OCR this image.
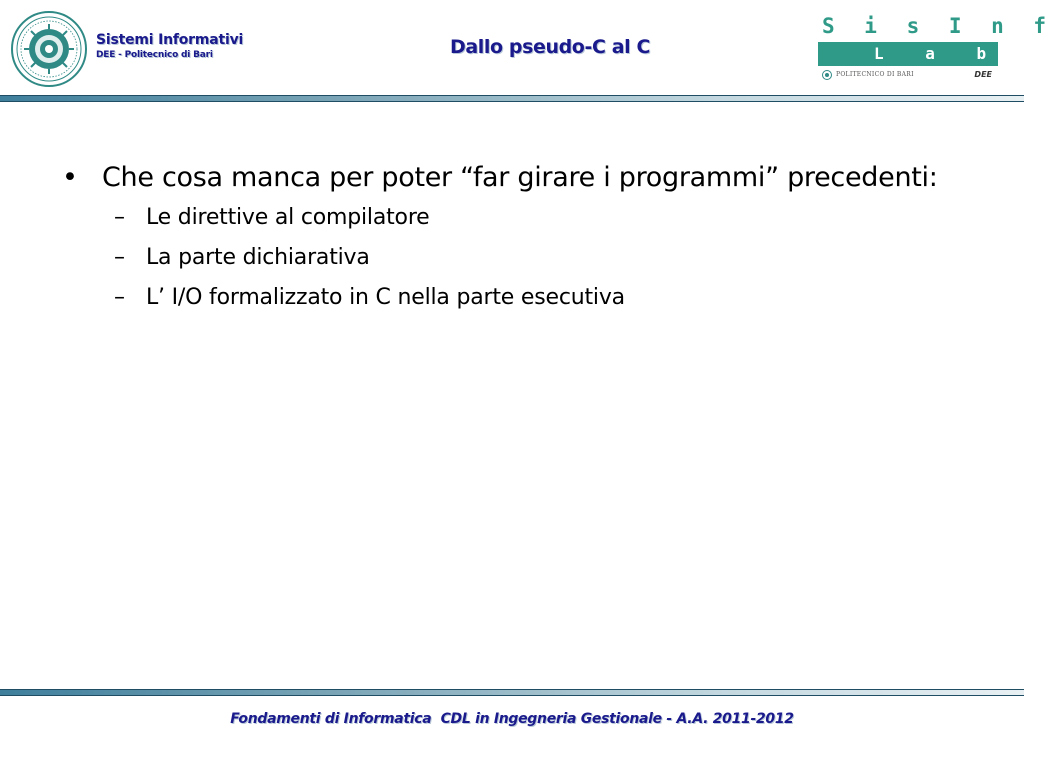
Sistemi Informativi
DEE - Politecnico di Bari	Dallo pseudo-C al C
S i s I n f
L a b
POLITECNICO DI BARI	DEE
• Che cosa manca per poter “far girare i programmi” precedenti:
– Le direttive al compilatore
– La parte dichiarativa
– L’ I/O formalizzato in C nella parte esecutiva
Fondamenti di Informatica  CDL in Ingegneria Gestionale - A.A. 2011-2012
